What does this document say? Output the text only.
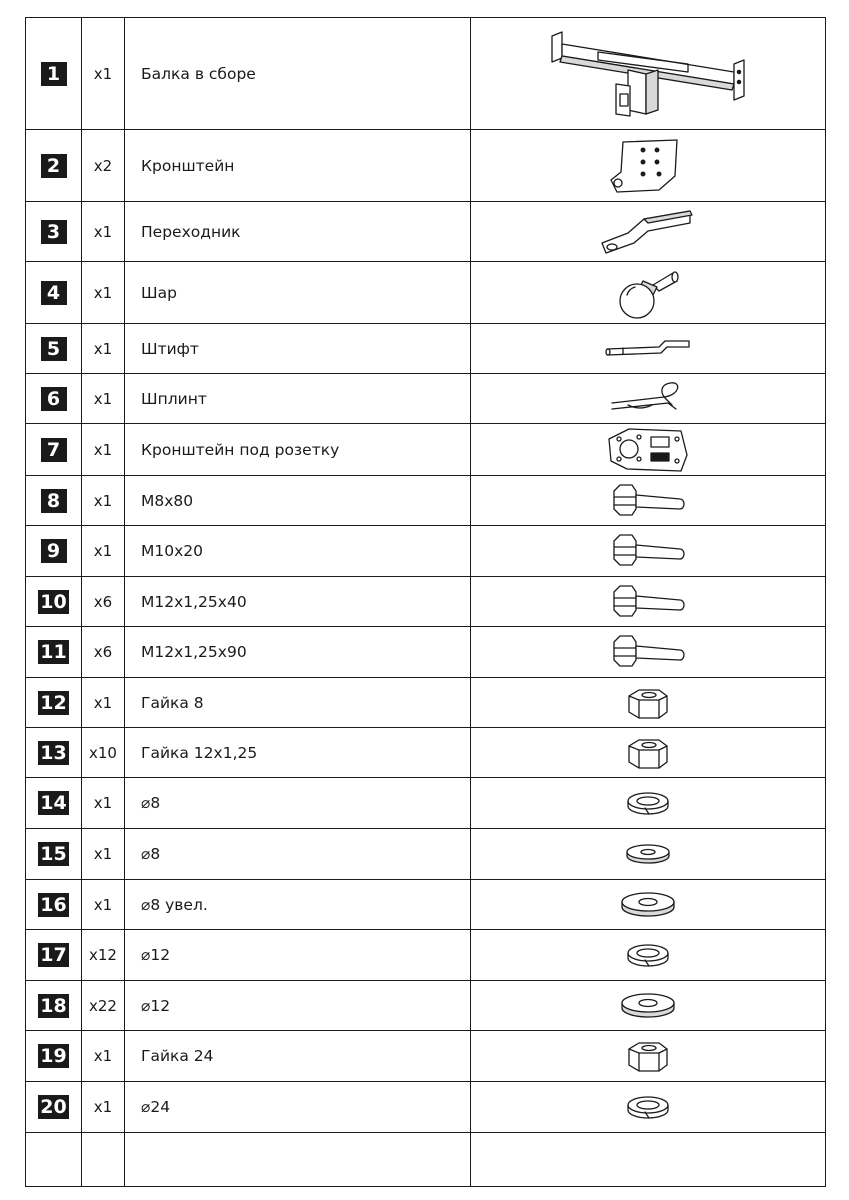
1	x1	Балка в сборе	

2	x2	Кронштейн	

3	x1	Переходник	

4	x1	Шар	

5	x1	Штифт	

6	x1	Шплинт	

7	x1	Кронштейн под розетку	

8	x1	M8x80	

9	x1	M10x20	

10	x6	M12x1,25x40	

11	x6	M12x1,25x90	

12	x1	Гайка 8	

13	x10	Гайка 12x1,25	

14	x1	⌀8	

15	x1	⌀8	

16	x1	⌀8 увел.	

17	x12	⌀12	

18	x22	⌀12	

19	x1	Гайка 24	

20	x1	⌀24	
